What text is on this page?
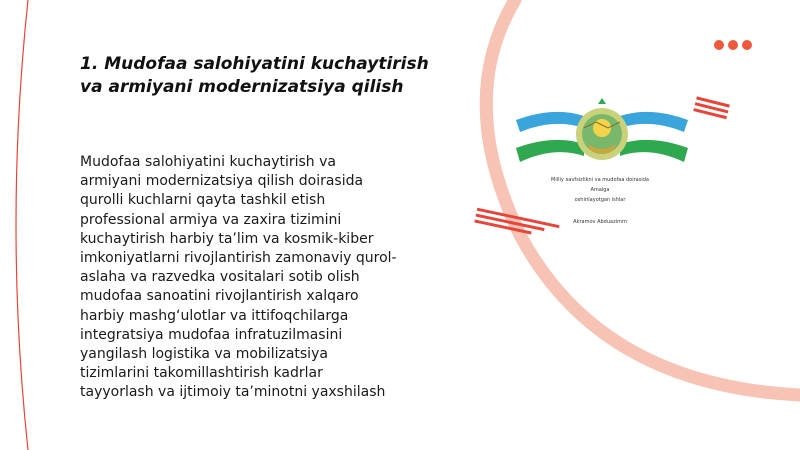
1. Mudofaa salohiyatini kuchaytirish
va armiyani modernizatsiya qilish
Mudofaa salohiyatini kuchaytirish va
armiyani modernizatsiya qilish doirasida
qurolli kuchlarni qayta tashkil etish
professional armiya va zaxira tizimini
kuchaytirish harbiy ta’lim va kosmik-kiber
imkoniyatlarni rivojlantirish zamonaviy qurol-
aslaha va razvedka vositalari sotib olish
mudofaa sanoatini rivojlantirish xalqaro
harbiy mashg‘ulotlar va ittifoqchilarga
integratsiya mudofaa infratuzilmasini
yangilash logistika va mobilizatsiya
tizimlarini takomillashtirish kadrlar
tayyorlash va ijtimoiy ta’minotni yaxshilash
Milliy xavfsizlikni va mudofaa doirasida
Amalga
oshirilayotgan ishlar
Akramov Abduazimm
